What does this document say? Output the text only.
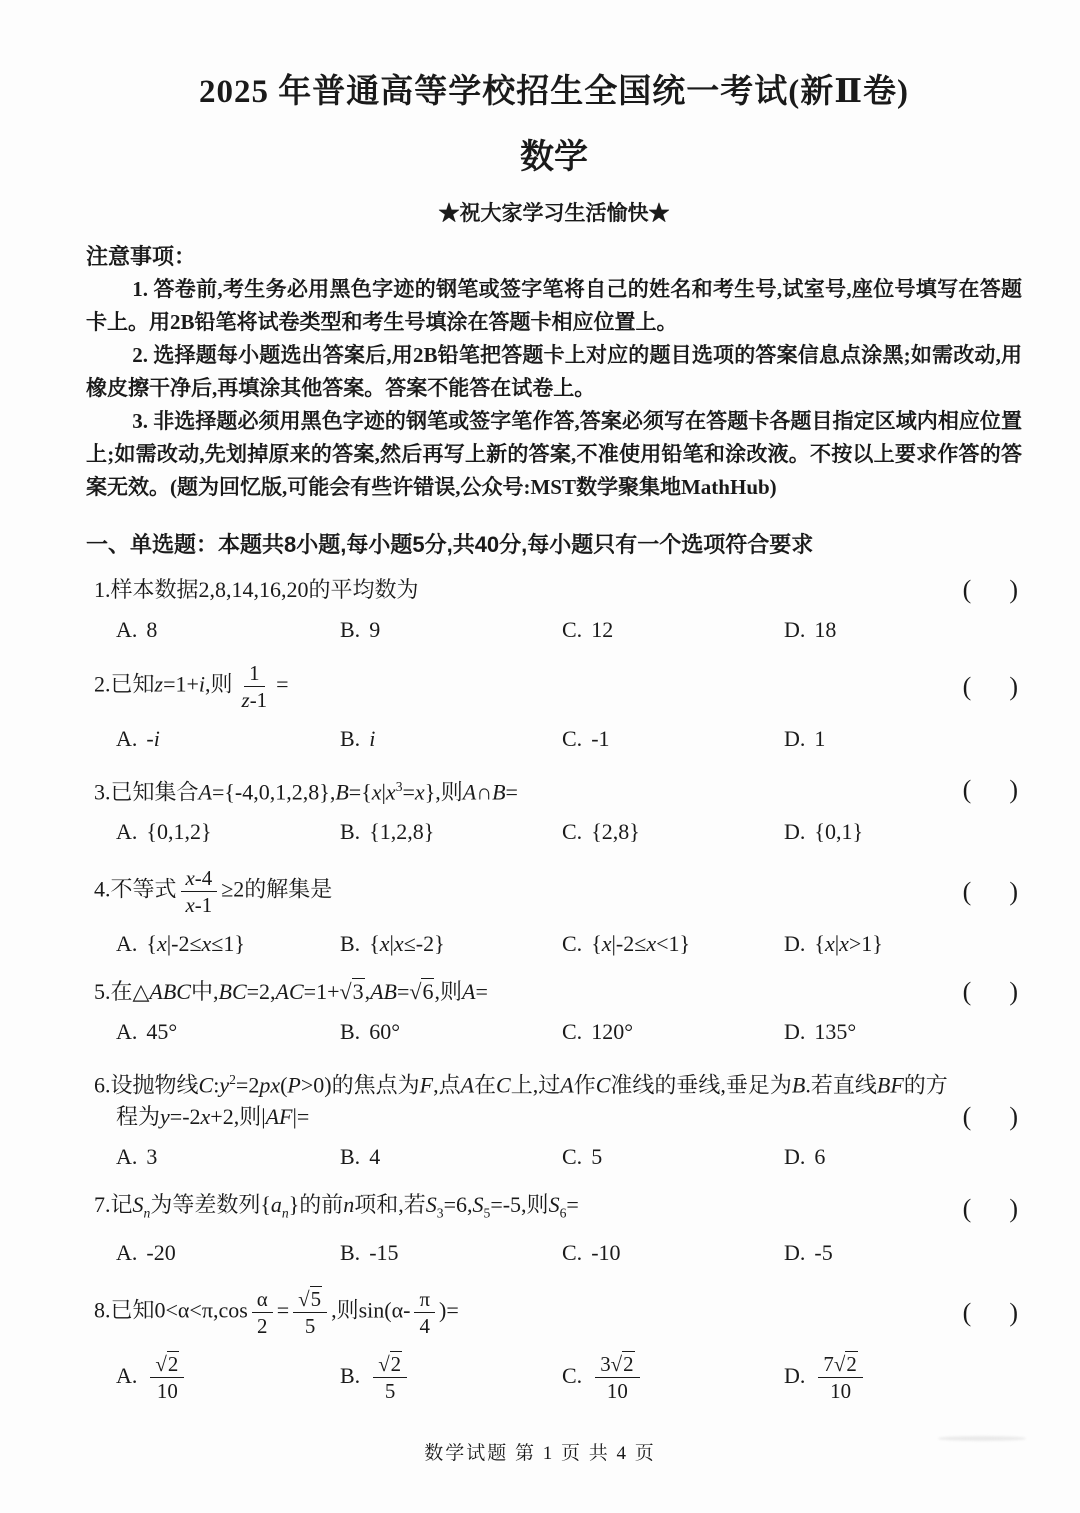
2025 年普通高等学校招生全国统一考试(新Ⅱ卷)
数学
★祝大家学习生活愉快★
注意事项：

1. 答卷前,考生务必用黑色字迹的钢笔或签字笔将自己的姓名和考生号,试室号,座位号填写在答题卡上。用2B铅笔将试卷类型和考生号填涂在答题卡相应位置上。

2. 选择题每小题选出答案后,用2B铅笔把答题卡上对应的题目选项的答案信息点涂黑;如需改动,用橡皮擦干净后,再填涂其他答案。答案不能答在试卷上。

3. 非选择题必须用黑色字迹的钢笔或签字笔作答,答案必须写在答题卡各题目指定区域内相应位置上;如需改动,先划掉原来的答案,然后再写上新的答案,不准使用铅笔和涂改液。不按以上要求作答的答案无效。(题为回忆版,可能会有些许错误,公众号:MST数学聚集地MathHub)

一、单选题：本题共8小题,每小题5分,共40分,每小题只有一个选项符合要求
1.样本数据2,8,14,16,20的平均数为	( )
A. 8	B. 9	C. 12	D. 18
2.已知z=1+i,则 $\frac{1}{z-1}$ =	( )
A. -i	B. i	C. -1	D. 1
3.已知集合$A=\{-4,0,1,2,8\},B=\{x|x^3=x\}$,则A∩B=	( )
A. {0,1,2}	B. {1,2,8}	C. {2,8}	D. {0,1}
4.不等式 $\frac{x-4}{x-1} \ge 2$的解集是	( )
A. {x|-2≤x≤1}	B. {x|x≤-2}	C. {x|-2≤x<1}	D. {x|x>1}
5.在△ABC中,BC=2,AC=1+√3,AB=√6,则A=	( )
A. 45°	B. 60°	C. 120°	D. 135°
6.设抛物线$C:y^2=2px(P>0)$的焦点为F,点A在C上,过A作C准线的垂线,垂足为B.若直线BF的方
程为y=-2x+2,则|AF|=	( )
A. 3	B. 4	C. 5	D. 6
7.记$S_n$为等差数列$\{a_n\}$的前n项和,若$S_3=6,S_5=-5$,则$S_6=$	( )
A. -20	B. -15	C. -10	D. -5
8.已知$0<\alpha<\pi,\cos \frac{\alpha}{2} = \frac{√5}{5}$ ,则$\sin(\alpha- \frac{\pi}{4}$ )=	( )
A. $\frac{√2}{10}$	B. $\frac{√2}{5}$	C. $\frac{3√2}{10}$	D. $\frac{7√2}{10}$
数学试题 第 1 页 共 4 页
